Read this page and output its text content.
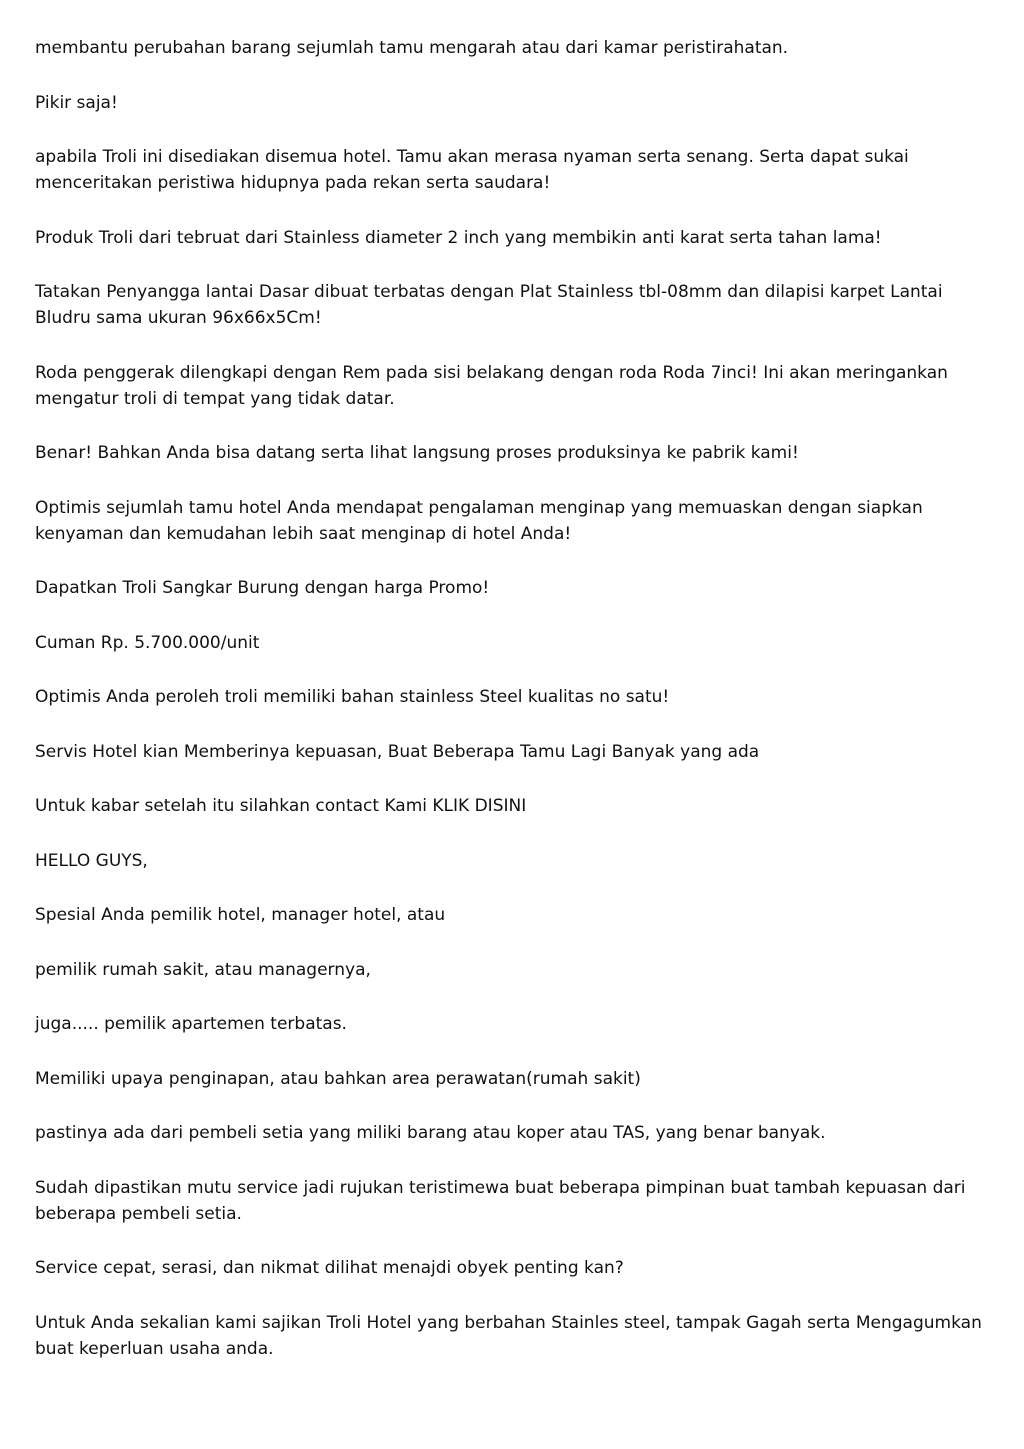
membantu perubahan barang sejumlah tamu mengarah atau dari kamar peristirahatan.

Pikir saja!

apabila Troli ini disediakan disemua hotel. Tamu akan merasa nyaman serta senang. Serta dapat sukai menceritakan peristiwa hidupnya pada rekan serta saudara!

Produk Troli dari tebruat dari Stainless diameter 2 inch yang membikin anti karat serta tahan lama!

Tatakan Penyangga lantai Dasar dibuat terbatas dengan Plat Stainless tbl-08mm dan dilapisi karpet Lantai Bludru sama ukuran 96x66x5Cm!

Roda penggerak dilengkapi dengan Rem pada sisi belakang dengan roda Roda 7inci! Ini akan meringankan mengatur troli di tempat yang tidak datar.

Benar! Bahkan Anda bisa datang serta lihat langsung proses produksinya ke pabrik kami!

Optimis sejumlah tamu hotel Anda mendapat pengalaman menginap yang memuaskan dengan siapkan kenyaman dan kemudahan lebih saat menginap di hotel Anda!

Dapatkan Troli Sangkar Burung dengan harga Promo!

Cuman Rp. 5.700.000/unit

Optimis Anda peroleh troli memiliki bahan stainless Steel kualitas no satu!

Servis Hotel kian Memberinya kepuasan, Buat Beberapa Tamu Lagi Banyak yang ada

Untuk kabar setelah itu silahkan contact Kami KLIK DISINI

HELLO GUYS,

Spesial Anda pemilik hotel, manager hotel, atau

pemilik rumah sakit, atau managernya,

juga..... pemilik apartemen terbatas.

Memiliki upaya penginapan, atau bahkan area perawatan(rumah sakit)

pastinya ada dari pembeli setia yang miliki barang atau koper atau TAS, yang benar banyak.

Sudah dipastikan mutu service jadi rujukan teristimewa buat beberapa pimpinan buat tambah kepuasan dari beberapa pembeli setia.

Service cepat, serasi, dan nikmat dilihat menajdi obyek penting kan?

Untuk Anda sekalian kami sajikan Troli Hotel yang berbahan Stainles steel, tampak Gagah serta Mengagumkan buat keperluan usaha anda.
